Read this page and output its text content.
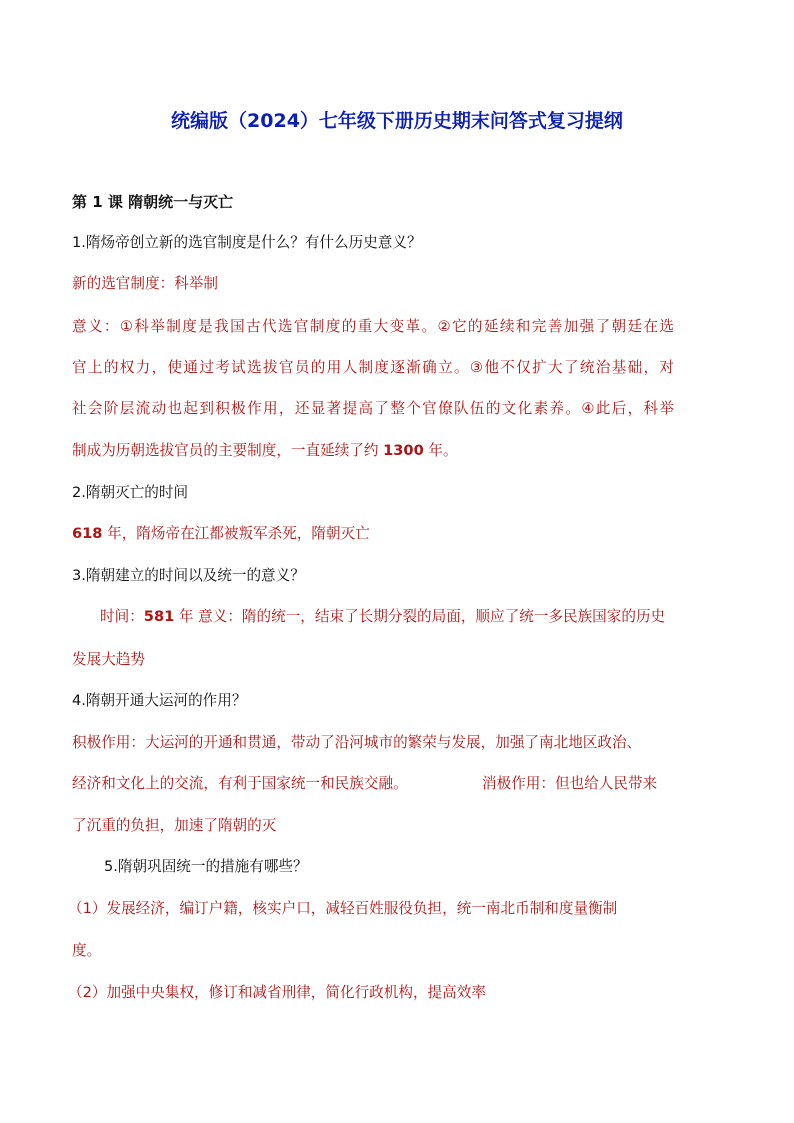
统编版（2024）七年级下册历史期末问答式复习提纲
第 1 课 隋朝统一与灭亡
1.隋炀帝创立新的选官制度是什么？有什么历史意义？
新的选官制度：科举制
意义：①科举制度是我国古代选官制度的重大变革。②它的延续和完善加强了朝廷在选
官上的权力，使通过考试选拔官员的用人制度逐渐确立。③他不仅扩大了统治基础，对
社会阶层流动也起到积极作用，还显著提高了整个官僚队伍的文化素养。④此后，科举
制成为历朝选拔官员的主要制度，一直延续了约 1300 年。
2.隋朝灭亡的时间
618 年，隋炀帝在江都被叛军杀死，隋朝灭亡
3.隋朝建立的时间以及统一的意义？
时间：581 年 意义：隋的统一，结束了长期分裂的局面，顺应了统一多民族国家的历史
发展大趋势
4.隋朝开通大运河的作用？
积极作用：大运河的开通和贯通，带动了沿河城市的繁荣与发展，加强了南北地区政治、
经济和文化上的交流，有利于国家统一和民族交融。	消极作用：但也给人民带来
了沉重的负担，加速了隋朝的灭
5.隋朝巩固统一的措施有哪些？
（1）发展经济，编订户籍，核实户口，减轻百姓服役负担，统一南北币制和度量衡制
度。
（2）加强中央集权，修订和减省刑律，简化行政机构，提高效率
